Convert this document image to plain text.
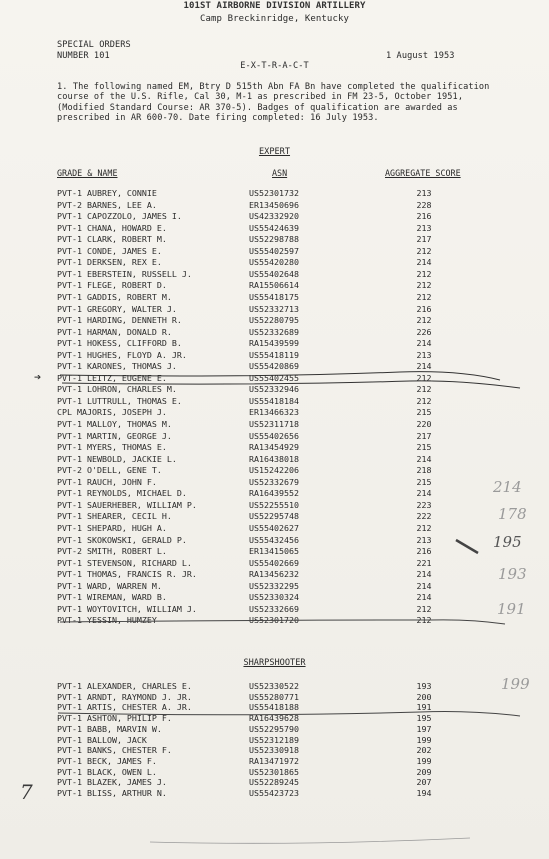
101ST AIRBORNE DIVISION ARTILLERY
Camp Breckinridge, Kentucky
SPECIAL ORDERS
NUMBER 101	1 August 1953
E-X-T-R-A-C-T
1. The following named EM, Btry D 515th Abn FA Bn have completed the qualification course of the U.S. Rifle, Cal 30, M-1 as prescribed in FM 23-5, October 1951, (Modified Standard Course: AR 370-5). Badges of qualification are awarded as prescribed in AR 600-70. Date firing completed: 16 July 1953.
EXPERT
GRADE & NAME	ASN	AGGREGATE SCORE
PVT-1 AUBREY, CONNIE	US52301732	213
PVT-2 BARNES, LEE A.	ER13450696	228
PVT-1 CAPOZZOLO, JAMES I.	US42332920	216
PVT-1 CHANA, HOWARD E.	US55424639	213
PVT-1 CLARK, ROBERT M.	US52298788	217
PVT-1 CONDE, JAMES E.	US55402597	212
PVT-1 DERKSEN, REX E.	US55420280	214
PVT-1 EBERSTEIN, RUSSELL J.	US55402648	212
PVT-1 FLEGE, ROBERT D.	RA15506614	212
PVT-1 GADDIS, ROBERT M.	US55418175	212
PVT-1 GREGORY, WALTER J.	US52332713	216
PVT-1 HARDING, DENNETH R.	US52280795	212
PVT-1 HARMAN, DONALD R.	US52332689	226
PVT-1 HOKESS, CLIFFORD B.	RA15439599	214
PVT-1 HUGHES, FLOYD A. JR.	US55418119	213
PVT-1 KARONES, THOMAS J.	US55420869	214
PVT-1 LEITZ, EUGENE E.	US55402455	212
PVT-1 LOHRON, CHARLES M.	US52332946	212
PVT-1 LUTTRULL, THOMAS E.	US55418184	212
CPL MAJORIS, JOSEPH J.	ER13466323	215
PVT-1 MALLOY, THOMAS M.	US52311718	220
PVT-1 MARTIN, GEORGE J.	US55402656	217
PVT-1 MYERS, THOMAS E.	RA13454929	215
PVT-1 NEWBOLD, JACKIE L.	RA16438018	214
PVT-2 O'DELL, GENE T.	US15242206	218
PVT-1 RAUCH, JOHN F.	US52332679	215
PVT-1 REYNOLDS, MICHAEL D.	RA16439552	214
PVT-1 SAUERHEBER, WILLIAM P.	US52255510	223
PVT-1 SHEARER, CECIL H.	US52295748	222
PVT-1 SHEPARD, HUGH A.	US55402627	212
PVT-1 SKOKOWSKI, GERALD P.	US55432456	213
PVT-2 SMITH, ROBERT L.	ER13415065	216
PVT-1 STEVENSON, RICHARD L.	US55402669	221
PVT-1 THOMAS, FRANCIS R. JR.	RA13456232	214
PVT-1 WARD, WARREN M.	US52332295	214
PVT-1 WIREMAN, WARD B.	US52330324	214
PVT-1 WOYTOVITCH, WILLIAM J.	US52332669	212
PVT-1 YESSIN, HUMZEY	US52301720	212
SHARPSHOOTER
PVT-1 ALEXANDER, CHARLES E.	US52330522	193
PVT-1 ARNDT, RAYMOND J. JR.	US55280771	200
PVT-1 ARTIS, CHESTER A. JR.	US55418188	191
PVT-1 ASHTON, PHILIP F.	RA16439628	195
PVT-1 BABB, MARVIN W.	US52295790	197
PVT-1 BALLOW, JACK	US52312189	199
PVT-1 BANKS, CHESTER F.	US52330918	202
PVT-1 BECK, JAMES F.	RA13471972	199
PVT-1 BLACK, OWEN L.	US52301865	209
PVT-1 BLAZEK, JAMES J.	US52289245	207
PVT-1 BLISS, ARTHUR N.	US55423723	194
➔
214
178
195
193
191
199
7
